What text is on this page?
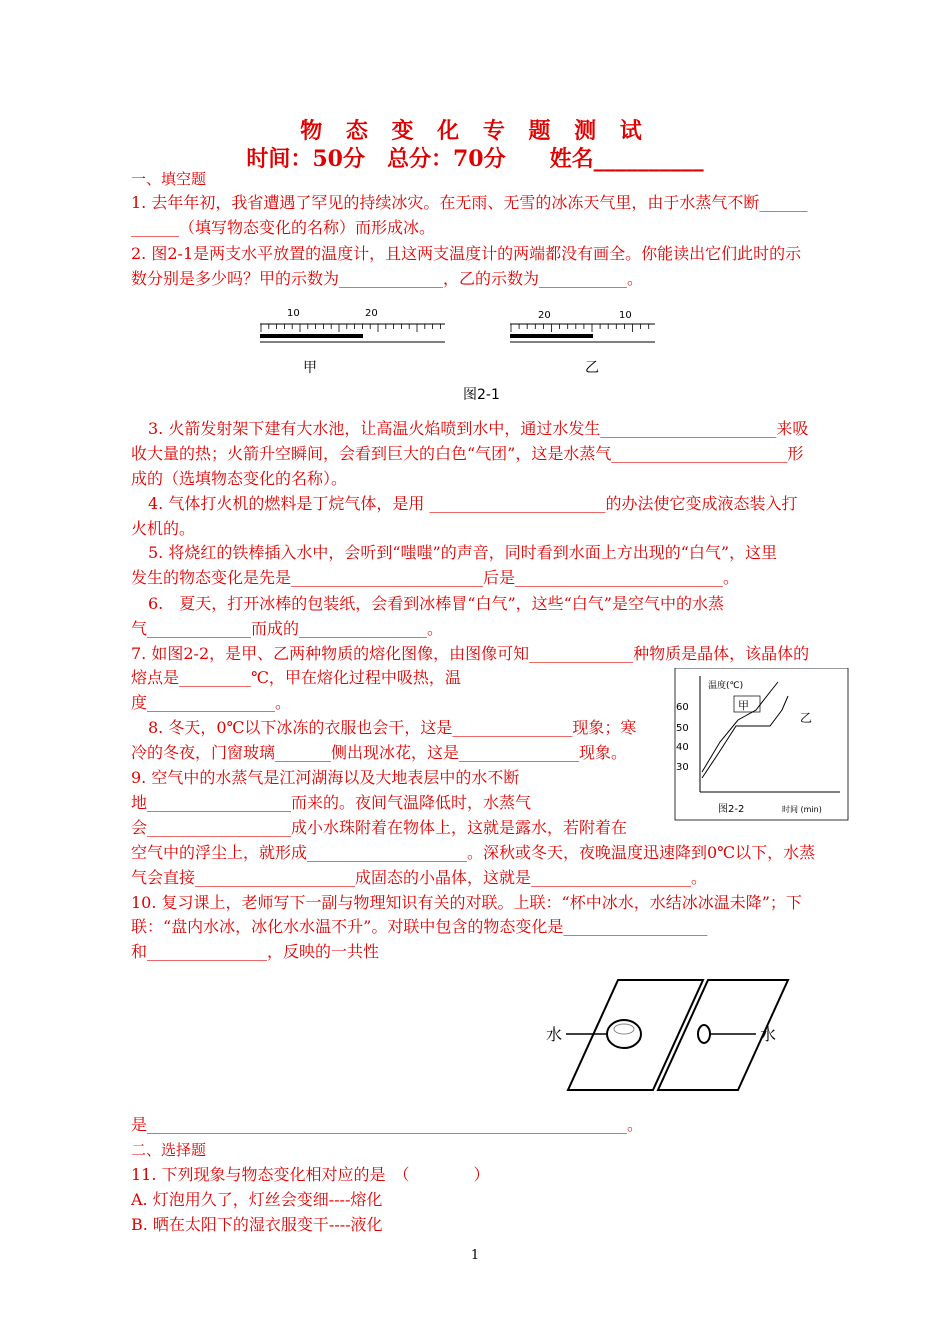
物 态 变 化 专 题 测 试
时间：50分　总分：70分　　姓名__________
一、填空题
1. 去年年初，我省遭遇了罕见的持续冰灾。在无雨、无雪的冰冻天气里，由于水蒸气不断______
______（填写物态变化的名称）而形成冰。
2. 图2-1是两支水平放置的温度计，且这两支温度计的两端都没有画全。你能读出它们此时的示
数分别是多少吗？甲的示数为_____________，乙的示数为___________。
10	20	20	10
甲	乙
图2-1
3. 火箭发射架下建有大水池，让高温火焰喷到水中，通过水发生______________________来吸
收大量的热；火箭升空瞬间，会看到巨大的白色“气团”，这是水蒸气______________________形
成的（选填物态变化的名称）。
4. 气体打火机的燃料是丁烷气体，是用 ______________________的办法使它变成液态装入打
火机的。
5. 将烧红的铁棒插入水中，会听到“嗤嗤”的声音，同时看到水面上方出现的“白气”，这里
发生的物态变化是先是________________________后是__________________________。
6.　夏天，打开冰棒的包装纸，会看到冰棒冒“白气”，这些“白气”是空气中的水蒸
气_____________而成的________________。
7. 如图2-2，是甲、乙两种物质的熔化图像，由图像可知_____________种物质是晶体，该晶体的
熔点是_________℃，甲在熔化过程中吸热，温
度________________。
8. 冬天，0℃以下冰冻的衣服也会干，这是_______________现象；寒
冷的冬夜，门窗玻璃_______侧出现冰花，这是_______________现象。
9. 空气中的水蒸气是江河湖海以及大地表层中的水不断
地__________________而来的。夜间气温降低时，水蒸气
会__________________成小水珠附着在物体上，这就是露水，若附着在
空气中的浮尘上，就形成____________________。深秋或冬天，夜晚温度迅速降到0℃以下，水蒸
气会直接____________________成固态的小晶体，这就是____________________。
10. 复习课上，老师写下一副与物理知识有关的对联。上联：“杯中冰水，水结冰冰温未降”；下
联：“盘内水冰，冰化水水温不升”。对联中包含的物态变化是__________________
和_______________，反映的一共性
温度(℃)
60
50
40
30
甲
乙
图2-2	时间 (min)
水	水
是____________________________________________________________。
二、选择题
11. 下列现象与物态变化相对应的是　（　　　　）
A. 灯泡用久了，灯丝会变细----熔化
B. 晒在太阳下的湿衣服变干----液化
1
